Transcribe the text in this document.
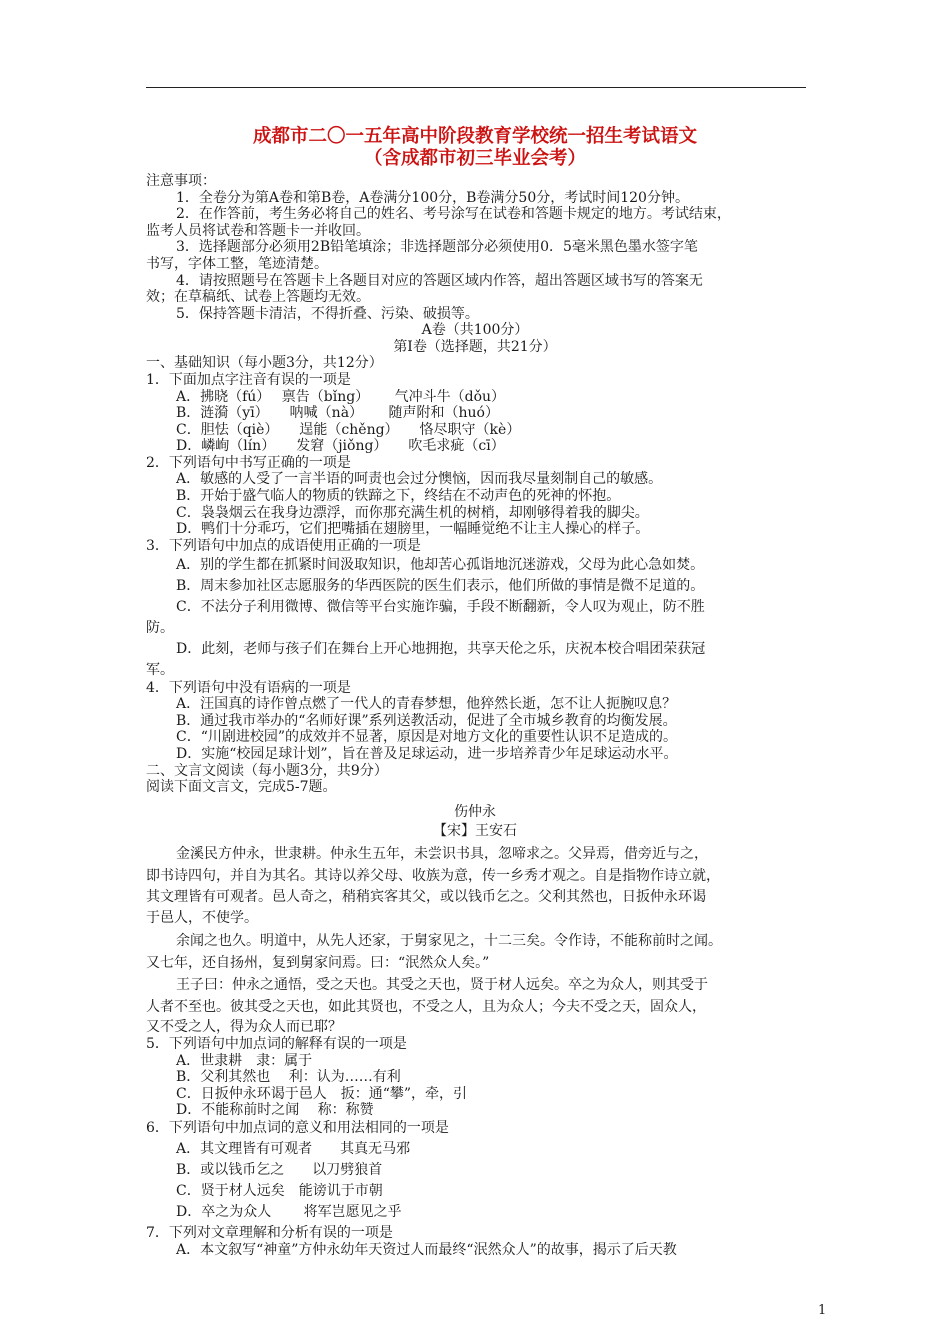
成都市二〇一五年高中阶段教育学校统一招生考试语文
（含成都市初三毕业会考）
注意事项：
1．全卷分为第A卷和第B卷，A卷满分100分，B卷满分50分，考试时间120分钟。
2．在作答前，考生务必将自己的姓名、考号涂写在试卷和答题卡规定的地方。考试结束，
监考人员将试卷和答题卡一并收回。
3．选择题部分必须用2B铅笔填涂；非选择题部分必须使用0．5毫米黑色墨水签字笔
书写，字体工整，笔迹清楚。
4．请按照题号在答题卡上各题目对应的答题区域内作答，超出答题区域书写的答案无
效；在草稿纸、试卷上答题均无效。
5．保持答题卡清洁，不得折叠、污染、破损等。
A卷（共100分）
第Ⅰ卷（选择题，共21分）
一、基础知识（每小题3分，共12分）
1．下面加点字注音有误的一项是
A．拂晓（fú）　 禀告（bǐng）　　 气冲斗牛（dǒu）
B．涟漪（yī）　　呐喊（nà）　　 随声附和（huó）
C．胆怯（qiè）　　逞能（chěng）　　恪尽职守（kè）
D．嶙峋（lín）　　发窘（jiǒng）　　吹毛求疵（cī）
2．下列语句中书写正确的一项是
A．敏感的人受了一言半语的呵责也会过分懊恼，因而我尽量刻制自己的敏感。
B．开始于盛气临人的物质的铁蹄之下，终结在不动声色的死神的怀抱。
C．袅袅烟云在我身边漂浮，而你那充满生机的树梢，却刚够得着我的脚尖。
D．鸭们十分乖巧，它们把嘴插在翅膀里，一幅睡觉绝不让主人操心的样子。
3．下列语句中加点的成语使用正确的一项是
A．别的学生都在抓紧时间汲取知识，他却苦心孤诣地沉迷游戏，父母为此心急如焚。
B．周末参加社区志愿服务的华西医院的医生们表示，他们所做的事情是微不足道的。
C．不法分子利用微博、微信等平台实施诈骗，手段不断翻新，令人叹为观止，防不胜
防。
D．此刻，老师与孩子们在舞台上开心地拥抱，共享天伦之乐，庆祝本校合唱团荣获冠
军。
4．下列语句中没有语病的一项是
A．汪国真的诗作曾点燃了一代人的青春梦想，他猝然长逝，怎不让人扼腕叹息？
B．通过我市举办的“名师好课”系列送教活动，促进了全市城乡教育的均衡发展。
C．“川剧进校园”的成效并不显著，原因是对地方文化的重要性认识不足造成的。
D．实施“校园足球计划”，旨在普及足球运动，进一步培养青少年足球运动水平。
二、文言文阅读（每小题3分，共9分）
阅读下面文言文，完成5-7题。
伤仲永
【宋】王安石
金溪民方仲永，世隶耕。仲永生五年，未尝识书具，忽啼求之。父异焉，借旁近与之，
即书诗四句，并自为其名。其诗以养父母、收族为意，传一乡秀才观之。自是指物作诗立就，
其文理皆有可观者。邑人奇之，稍稍宾客其父，或以钱币乞之。父利其然也，日扳仲永环谒
于邑人，不使学。
余闻之也久。明道中，从先人还家，于舅家见之，十二三矣。令作诗，不能称前时之闻。
又七年，还自扬州，复到舅家问焉。曰：“泯然众人矣。”
王子曰：仲永之通悟，受之天也。其受之天也，贤于材人远矣。卒之为众人，则其受于
人者不至也。彼其受之天也，如此其贤也，不受之人，且为众人；今夫不受之天，固众人，
又不受之人，得为众人而已耶？
5．下列语句中加点词的解释有误的一项是
A．世隶耕　隶：属于
B．父利其然也　 利：认为……有利
C．日扳仲永环谒于邑人　扳：通“攀”，牵，引
D．不能称前时之闻　 称：称赞
6．下列语句中加点词的意义和用法相同的一项是
A．其文理皆有可观者　　其真无马邪
B．或以钱币乞之　　以刀劈狼首
C．贤于材人远矣　能谤讥于市朝
D．卒之为众人　　 将军岂愿见之乎
7．下列对文章理解和分析有误的一项是
A．本文叙写“神童”方仲永幼年天资过人而最终“泯然众人”的故事，揭示了后天教
1
